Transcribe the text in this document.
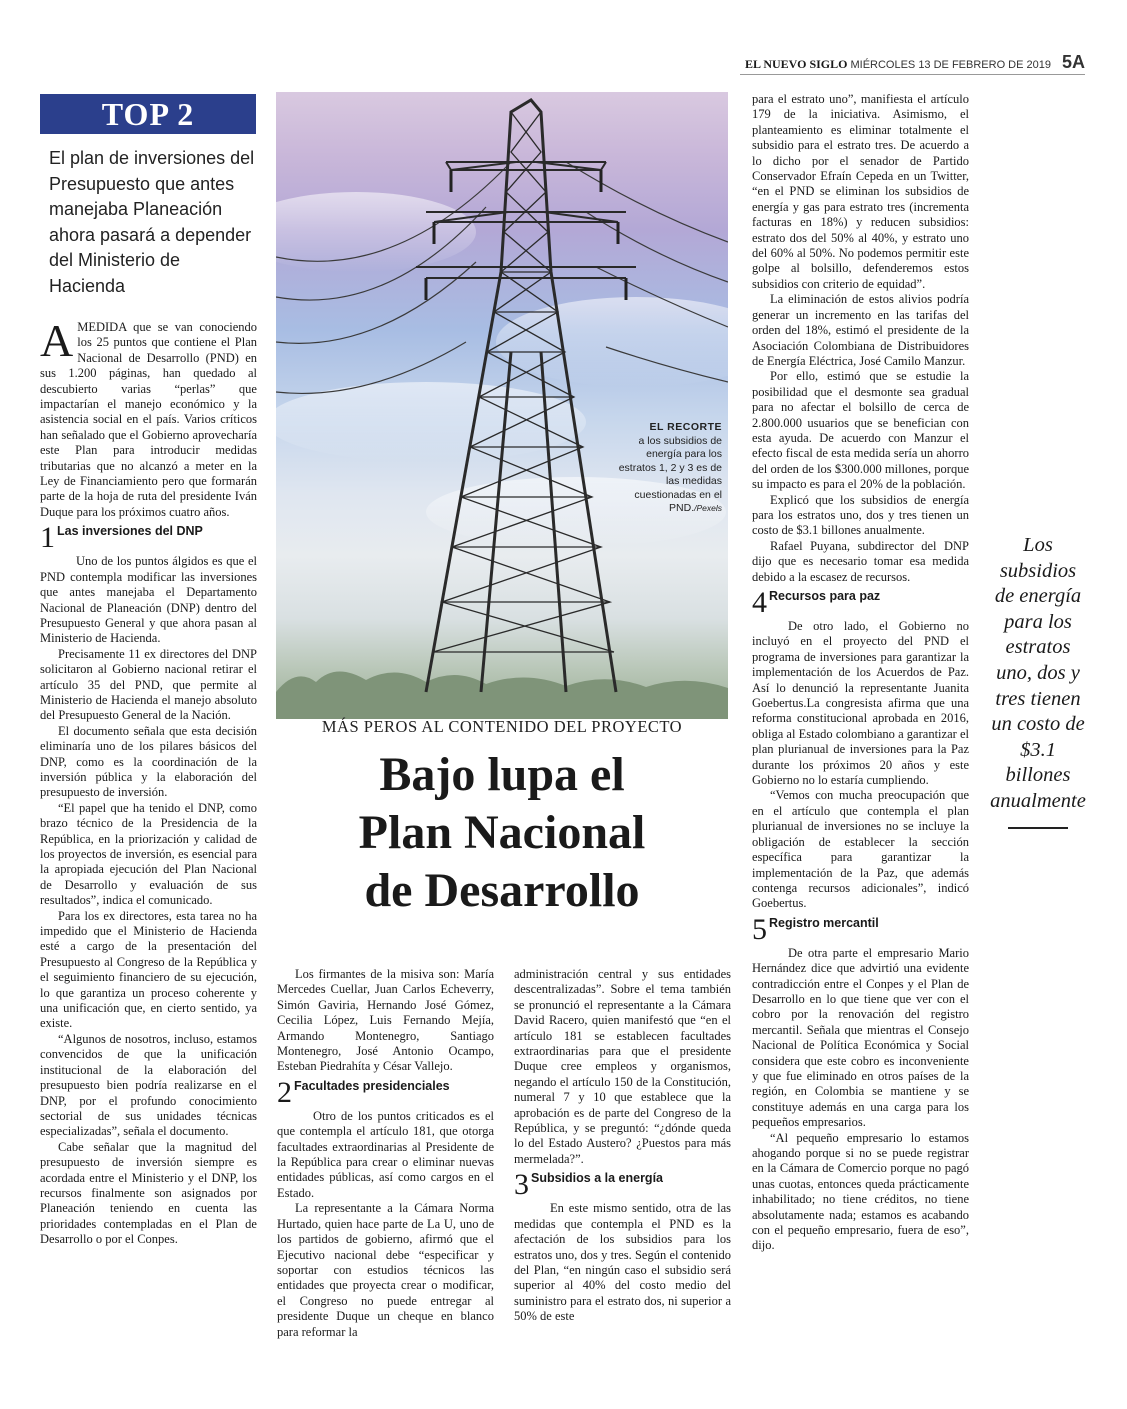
EL NUEVO SIGLO MIÉRCOLES 13 DE FEBRERO DE 2019 5A
TOP 2
El plan de inversiones del Presupuesto que antes manejaba Planeación ahora pasará a depender del Ministerio de Hacienda

AMEDIDA que se van conociendo los 25 puntos que contiene el Plan Nacional de Desarrollo (PND) en sus 1.200 páginas, han quedado al descubierto varias “perlas” que impactarían el manejo económico y la asistencia social en el país. Varios críticos han señalado que el Gobierno aprovecharía este Plan para introducir medidas tributarias que no alcanzó a meter en la Ley de Financiamiento pero que formarán parte de la hoja de ruta del presidente Iván Duque para los próximos cuatro años.

1 Las inversiones del DNP

Uno de los puntos álgidos es que el PND contempla modificar las inversiones que antes manejaba el Departamento Nacional de Planeación (DNP) dentro del Presupuesto General y que ahora pasan al Ministerio de Hacienda.

Precisamente 11 ex directores del DNP solicitaron al Gobierno nacional retirar el artículo 35 del PND, que permite al Ministerio de Hacienda el manejo absoluto del Presupuesto General de la Nación.

El documento señala que esta decisión eliminaría uno de los pilares básicos del DNP, como es la coordinación de la inversión pública y la elaboración del presupuesto de inversión.

“El papel que ha tenido el DNP, como brazo técnico de la Presidencia de la República, en la priorización y calidad de los proyectos de inversión, es esencial para la apropiada ejecución del Plan Nacional de Desarrollo y evaluación de sus resultados”, indica el comunicado.

Para los ex directores, esta tarea no ha impedido que el Ministerio de Hacienda esté a cargo de la presentación del Presupuesto al Congreso de la República y el seguimiento financiero de su ejecución, lo que garantiza un proceso coherente y una unificación que, en cierto sentido, ya existe.

“Algunos de nosotros, incluso, estamos convencidos de que la unificación institucional de la elaboración del presupuesto bien podría realizarse en el DNP, por el profundo conocimiento sectorial de sus unidades técnicas especializadas”, señala el documento.

Cabe señalar que la magnitud del presupuesto de inversión siempre es acordada entre el Ministerio y el DNP, los recursos finalmente son asignados por Planeación teniendo en cuenta las prioridades contempladas en el Plan de Desarrollo o por el Conpes.

EL RECORTE
a los subsidios de energía para los estratos 1, 2 y 3 es de las medidas cuestionadas en el PND./Pexels
MÁS PEROS AL CONTENIDO DEL PROYECTO
Bajo lupa el
Plan Nacional
de Desarrollo

Los firmantes de la misiva son: María Mercedes Cuellar, Juan Carlos Echeverry, Simón Gaviria, Hernando José Gómez, Cecilia López, Luis Fernando Mejía, Armando Montenegro, Santiago Montenegro, José Antonio Ocampo, Esteban Piedrahíta y César Vallejo.

2 Facultades presidenciales

Otro de los puntos criticados es el que contempla el artículo 181, que otorga facultades extraordinarias al Presidente de la República para crear o eliminar nuevas entidades públicas, así como cargos en el Estado.

La representante a la Cámara Norma Hurtado, quien hace parte de La U, uno de los partidos de gobierno, afirmó que el Ejecutivo nacional debe “especificar y soportar con estudios técnicos las entidades que proyecta crear o modificar, el Congreso no puede entregar al presidente Duque un cheque en blanco para reformar la

administración central y sus entidades descentralizadas”. Sobre el tema también se pronunció el representante a la Cámara David Racero, quien manifestó que “en el artículo 181 se establecen facultades extraordinarias para que el presidente Duque cree empleos y organismos, negando el artículo 150 de la Constitución, numeral 7 y 10 que establece que la aprobación es de parte del Congreso de la República, y se preguntó: “¿dónde queda lo del Estado Austero? ¿Puestos para más mermelada?”.

3 Subsidios a la energía

En este mismo sentido, otra de las medidas que contempla el PND es la afectación de los subsidios para los estratos uno, dos y tres. Según el contenido del Plan, “en ningún caso el subsidio será superior al 40% del costo medio del suministro para el estrato dos, ni superior a 50% de este

para el estrato uno”, manifiesta el artículo 179 de la iniciativa. Asimismo, el planteamiento es eliminar totalmente el subsidio para el estrato tres. De acuerdo a lo dicho por el senador de Partido Conservador Efraín Cepeda en un Twitter, “en el PND se eliminan los subsidios de energía y gas para estrato tres (incrementa facturas en 18%) y reducen subsidios: estrato dos del 50% al 40%, y estrato uno del 60% al 50%. No podemos permitir este golpe al bolsillo, defenderemos estos subsidios con criterio de equidad”.

La eliminación de estos alivios podría generar un incremento en las tarifas del orden del 18%, estimó el presidente de la Asociación Colombiana de Distribuidores de Energía Eléctrica, José Camilo Manzur.

Por ello, estimó que se estudie la posibilidad que el desmonte sea gradual para no afectar el bolsillo de cerca de 2.800.000 usuarios que se benefician con esta ayuda. De acuerdo con Manzur el efecto fiscal de esta medida sería un ahorro del orden de los $300.000 millones, porque su impacto es para el 20% de la población.

Explicó que los subsidios de energía para los estratos uno, dos y tres tienen un costo de $3.1 billones anualmente.

Rafael Puyana, subdirector del DNP dijo que es necesario tomar esa medida debido a la escasez de recursos.

4 Recursos para paz

De otro lado, el Gobierno no incluyó en el proyecto del PND el programa de inversiones para garantizar la implementación de los Acuerdos de Paz. Así lo denunció la representante Juanita Goebertus.La congresista afirma que una reforma constitucional aprobada en 2016, obliga al Estado colombiano a garantizar el plan plurianual de inversiones para la Paz durante los próximos 20 años y este Gobierno no lo estaría cumpliendo.

“Vemos con mucha preocupación que en el artículo que contempla el plan plurianual de inversiones no se incluye la obligación de establecer la sección específica para garantizar la implementación de la Paz, que además contenga recursos adicionales”, indicó Goebertus.

5 Registro mercantil

De otra parte el empresario Mario Hernández dice que advirtió una evidente contradicción entre el Conpes y el Plan de Desarrollo en lo que tiene que ver con el cobro por la renovación del registro mercantil. Señala que mientras el Consejo Nacional de Política Económica y Social considera que este cobro es inconveniente y que fue eliminado en otros países de la región, en Colombia se mantiene y se constituye además en una carga para los pequeños empresarios.

“Al pequeño empresario lo estamos ahogando porque si no se puede registrar en la Cámara de Comercio porque no pagó unas cuotas, entonces queda prácticamente inhabilitado; no tiene créditos, no tiene absolutamente nada; estamos es acabando con el pequeño empresario, fuera de eso”, dijo.

Los subsidios de energía para los estratos uno, dos y tres tienen un costo de $3.1 billones anualmente
